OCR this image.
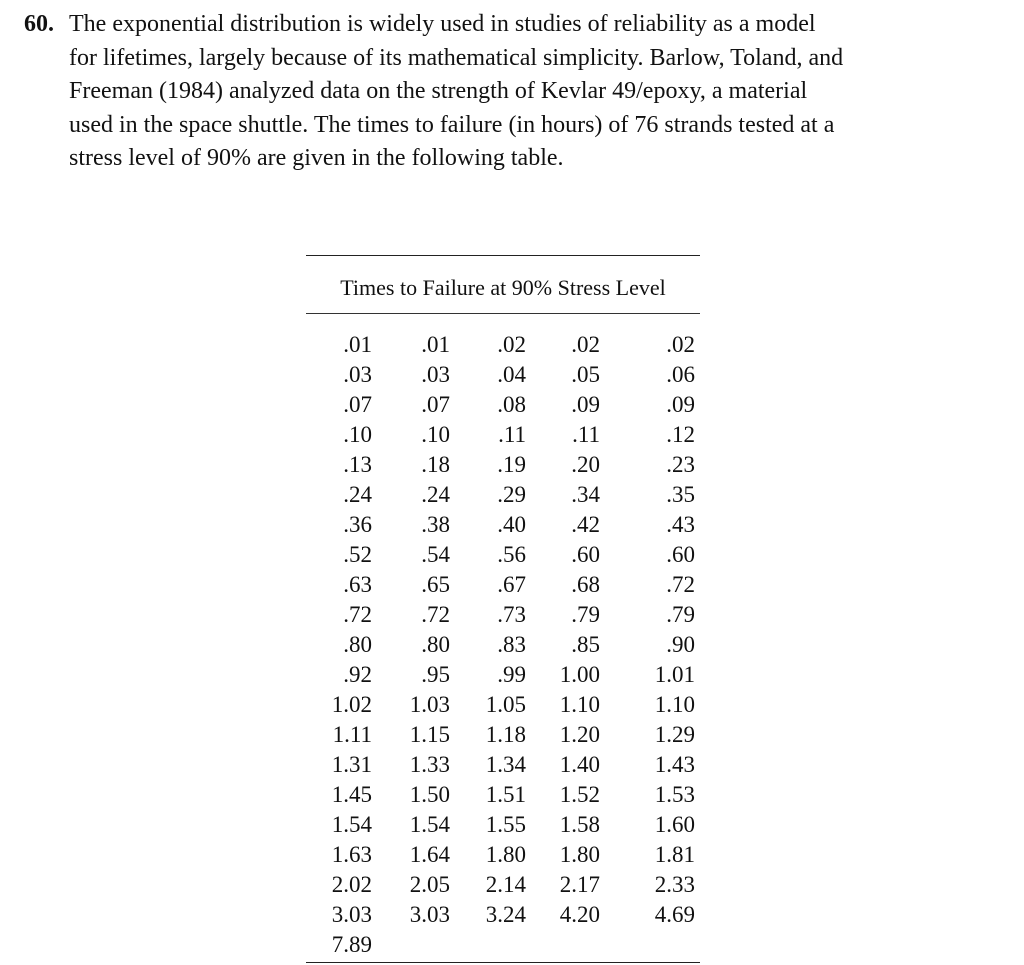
60. The exponential distribution is widely used in studies of reliability as a model
for lifetimes, largely because of its mathematical simplicity. Barlow, Toland, and
Freeman (1984) analyzed data on the strength of Kevlar 49/epoxy, a material
used in the space shuttle. The times to failure (in hours) of 76 strands tested at a
stress level of 90% are given in the following table.
Times to Failure at 90% Stress Level
.01	.01	.02	.02	.02
.03	.03	.04	.05	.06
.07	.07	.08	.09	.09
.10	.10	.11	.11	.12
.13	.18	.19	.20	.23
.24	.24	.29	.34	.35
.36	.38	.40	.42	.43
.52	.54	.56	.60	.60
.63	.65	.67	.68	.72
.72	.72	.73	.79	.79
.80	.80	.83	.85	.90
.92	.95	.99	1.00	1.01
1.02	1.03	1.05	1.10	1.10
1.11	1.15	1.18	1.20	1.29
1.31	1.33	1.34	1.40	1.43
1.45	1.50	1.51	1.52	1.53
1.54	1.54	1.55	1.58	1.60
1.63	1.64	1.80	1.80	1.81
2.02	2.05	2.14	2.17	2.33
3.03	3.03	3.24	4.20	4.69
7.89				
